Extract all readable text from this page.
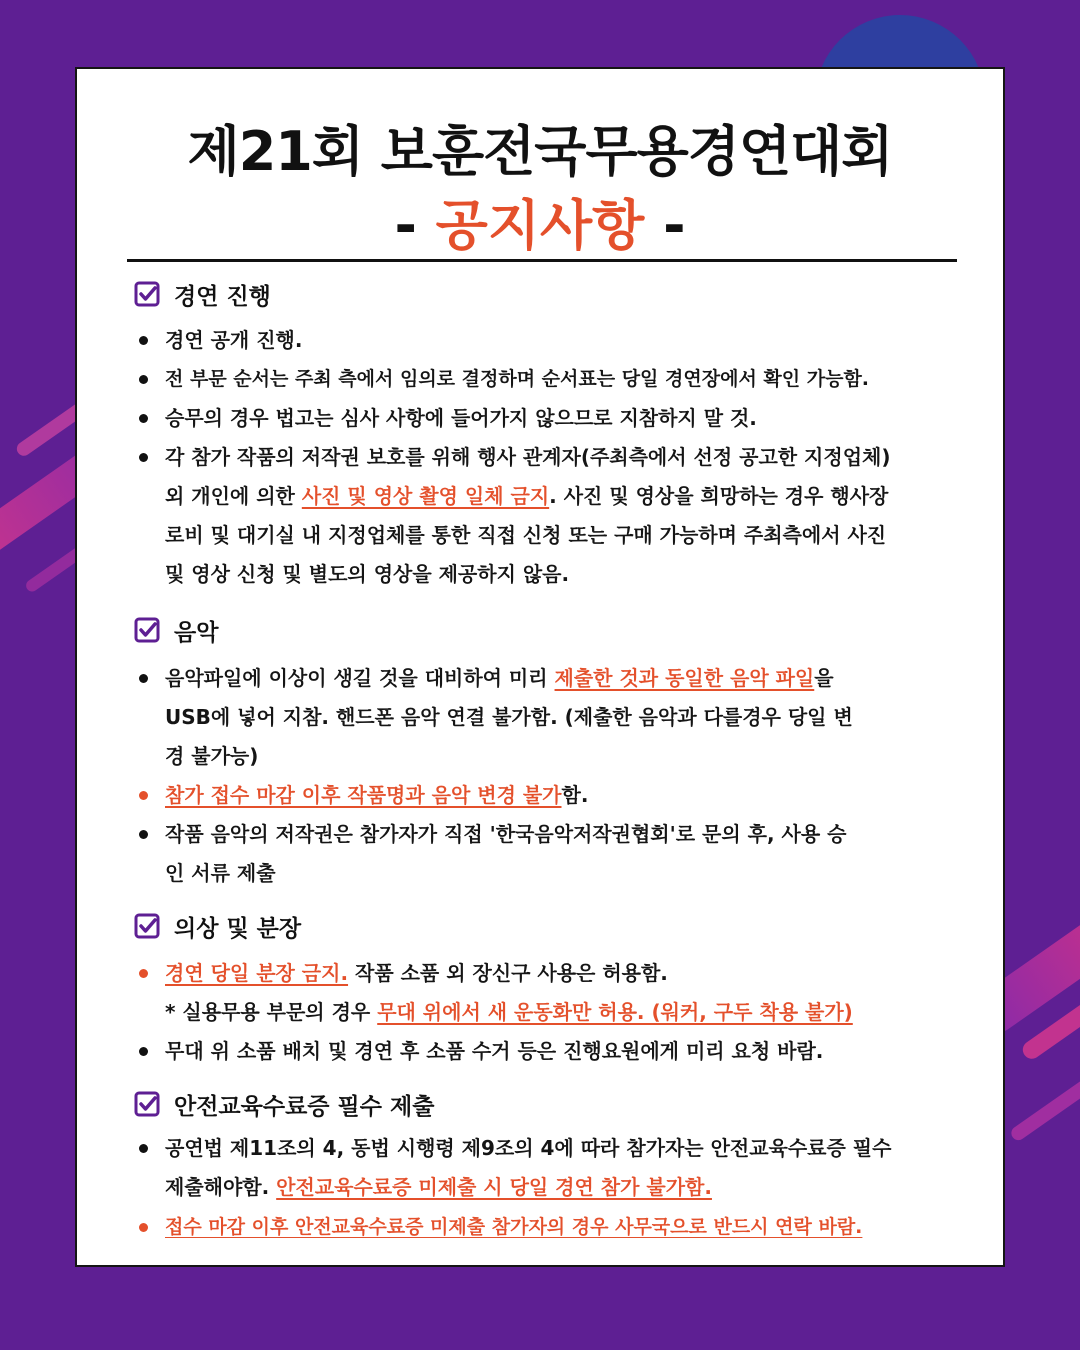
제21회 보훈전국무용경연대회
- 공지사항 -
경연 진행
경연 공개 진행.
전 부문 순서는 주최 측에서 임의로 결정하며 순서표는 당일 경연장에서 확인 가능함.
승무의 경우 법고는 심사 사항에 들어가지 않으므로 지참하지 말 것.
각 참가 작품의 저작권 보호를 위해 행사 관계자(주최측에서 선정 공고한 지정업체)
외 개인에 의한 사진 및 영상 촬영 일체 금지. 사진 및 영상을 희망하는 경우 행사장
로비 및 대기실 내 지정업체를 통한 직접 신청 또는 구매 가능하며 주최측에서 사진
및 영상 신청 및 별도의 영상을 제공하지 않음.
음악
음악파일에 이상이 생길 것을 대비하여 미리 제출한 것과 동일한 음악 파일을
USB에 넣어 지참. 핸드폰 음악 연결 불가함. (제출한 음악과 다를경우 당일 변
경 불가능)
참가 접수 마감 이후 작품명과 음악 변경 불가함.
작품 음악의 저작권은 참가자가 직접 '한국음악저작권협회'로 문의 후, 사용 승
인 서류 제출
의상 및 분장
경연 당일 분장 금지. 작품 소품 외 장신구 사용은 허용함.
* 실용무용 부문의 경우 무대 위에서 새 운동화만 허용. (워커, 구두 착용 불가)
무대 위 소품 배치 및 경연 후 소품 수거 등은 진행요원에게 미리 요청 바람.
안전교육수료증 필수 제출
공연법 제11조의 4, 동법 시행령 제9조의 4에 따라 참가자는 안전교육수료증 필수
제출해야함. 안전교육수료증 미제출 시 당일 경연 참가 불가함.
접수 마감 이후 안전교육수료증 미제출 참가자의 경우 사무국으로 반드시 연락 바람.
